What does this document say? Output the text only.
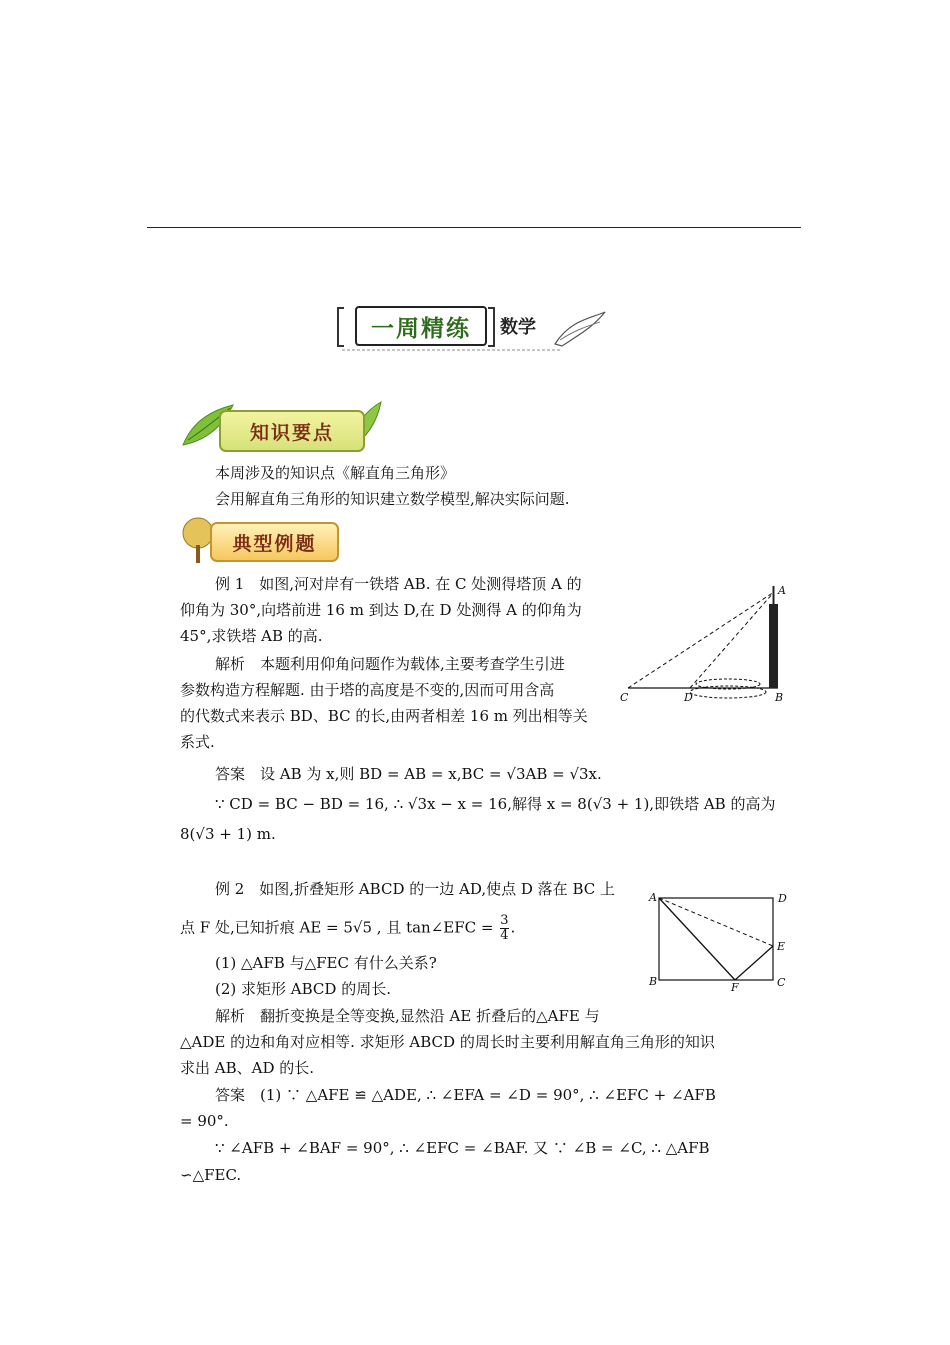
一周精练	数学
知识要点
本周涉及的知识点《解直角三角形》
会用解直角三角形的知识建立数学模型,解决实际问题.
典型例题
例 1　如图,河对岸有一铁塔 AB. 在 C 处测得塔顶 A 的
仰角为 30°,向塔前进 16 m 到达 D,在 D 处测得 A 的仰角为
45°,求铁塔 AB 的高.
解析　本题利用仰角问题作为载体,主要考查学生引进
参数构造方程解题. 由于塔的高度是不变的,因而可用含高
的代数式来表示 BD、BC 的长,由两者相差 16 m 列出相等关
系式.
答案　设 AB 为 x,则 BD = AB = x,BC = √3AB = √3x.
∵ CD = BC − BD = 16, ∴ √3x − x = 16,解得 x = 8(√3 + 1),即铁塔 AB 的高为
8(√3 + 1) m.
A
B
C	D
例 2　如图,折叠矩形 ABCD 的一边 AD,使点 D 落在 BC 上
点 F 处,已知折痕 AE = 5√5 , 且 tan∠EFC = $\frac{3}{4}$ .
(1) △AFB 与△FEC 有什么关系?
(2) 求矩形 ABCD 的周长.
解析　翻折变换是全等变换,显然沿 AE 折叠后的△AFE 与
△ADE 的边和角对应相等. 求矩形 ABCD 的周长时主要利用解直角三角形的知识
求出 AB、AD 的长.
答案　(1) ∵ △AFE ≌ △ADE, ∴ ∠EFA = ∠D = 90°, ∴ ∠EFC + ∠AFB
= 90°.
∵ ∠AFB + ∠BAF = 90°, ∴ ∠EFC = ∠BAF. 又 ∵ ∠B = ∠C, ∴ △AFB
∽△FEC.
A	D
E
B	C
F
